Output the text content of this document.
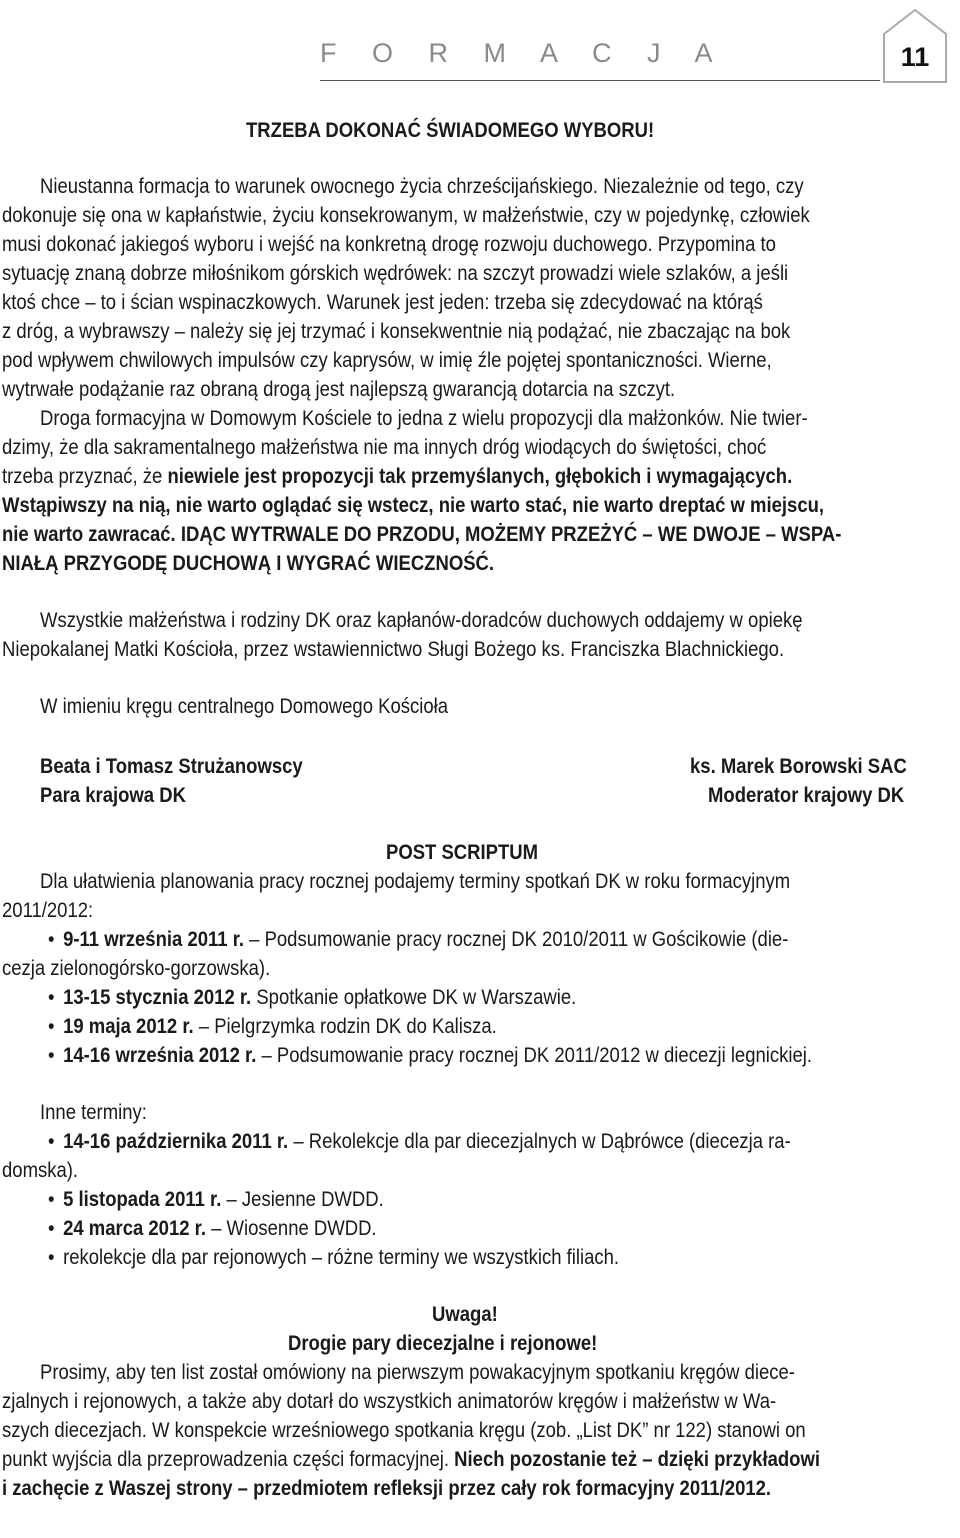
F O R M A C J A	11
TRZEBA DOKONAĆ ŚWIADOMEGO WYBORU!
Nieustanna formacja to warunek owocnego życia chrześcijańskiego. Niezależnie od tego, czy
dokonuje się ona w kapłaństwie, życiu konsekrowanym, w małżeństwie, czy w pojedynkę, człowiek
musi dokonać jakiegoś wyboru i wejść na konkretną drogę rozwoju duchowego. Przypomina to
sytuację znaną dobrze miłośnikom górskich wędrówek: na szczyt prowadzi wiele szlaków, a jeśli
ktoś chce – to i ścian wspinaczkowych. Warunek jest jeden: trzeba się zdecydować na którąś
z dróg, a wybrawszy – należy się jej trzymać i konsekwentnie nią podążać, nie zbaczając na bok
pod wpływem chwilowych impulsów czy kaprysów, w imię źle pojętej spontaniczności. Wierne,
wytrwałe podążanie raz obraną drogą jest najlepszą gwarancją dotarcia na szczyt.
Droga formacyjna w Domowym Kościele to jedna z wielu propozycji dla małżonków. Nie twier-
dzimy, że dla sakramentalnego małżeństwa nie ma innych dróg wiodących do świętości, choć
trzeba przyznać, że niewiele jest propozycji tak przemyślanych, głębokich i wymagających.
Wstąpiwszy na nią, nie warto oglądać się wstecz, nie warto stać, nie warto dreptać w miejscu,
nie warto zawracać. IDĄC WYTRWALE DO PRZODU, MOŻEMY PRZEŻYĆ – WE DWOJE – WSPA-
NIAŁĄ PRZYGODĘ DUCHOWĄ I WYGRAĆ WIECZNOŚĆ.
Wszystkie małżeństwa i rodziny DK oraz kapłanów-doradców duchowych oddajemy w opiekę
Niepokalanej Matki Kościoła, przez wstawiennictwo Sługi Bożego ks. Franciszka Blachnickiego.
W imieniu kręgu centralnego Domowego Kościoła
Beata i Tomasz Strużanowscy
Para krajowa DK
ks. Marek Borowski SAC
Moderator krajowy DK
POST SCRIPTUM
Dla ułatwienia planowania pracy rocznej podajemy terminy spotkań DK w roku formacyjnym
2011/2012:
• 9-11 września 2011 r. – Podsumowanie pracy rocznej DK 2010/2011 w Gościkowie (die-
cezja zielonogórsko-gorzowska).
• 13-15 stycznia 2012 r. Spotkanie opłatkowe DK w Warszawie.
• 19 maja 2012 r. – Pielgrzymka rodzin DK do Kalisza.
• 14-16 września 2012 r. – Podsumowanie pracy rocznej DK 2011/2012 w diecezji legnickiej.
Inne terminy:
• 14-16 października 2011 r. – Rekolekcje dla par diecezjalnych w Dąbrówce (diecezja ra-
domska).
• 5 listopada 2011 r. – Jesienne DWDD.
• 24 marca 2012 r. – Wiosenne DWDD.
• rekolekcje dla par rejonowych – różne terminy we wszystkich filiach.
Uwaga!
Drogie pary diecezjalne i rejonowe!
Prosimy, aby ten list został omówiony na pierwszym powakacyjnym spotkaniu kręgów diece-
zjalnych i rejonowych, a także aby dotarł do wszystkich animatorów kręgów i małżeństw w Wa-
szych diecezjach. W konspekcie wrześniowego spotkania kręgu (zob. „List DK” nr 122) stanowi on
punkt wyjścia dla przeprowadzenia części formacyjnej. Niech pozostanie też – dzięki przykładowi
i zachęcie z Waszej strony – przedmiotem refleksji przez cały rok formacyjny 2011/2012.
